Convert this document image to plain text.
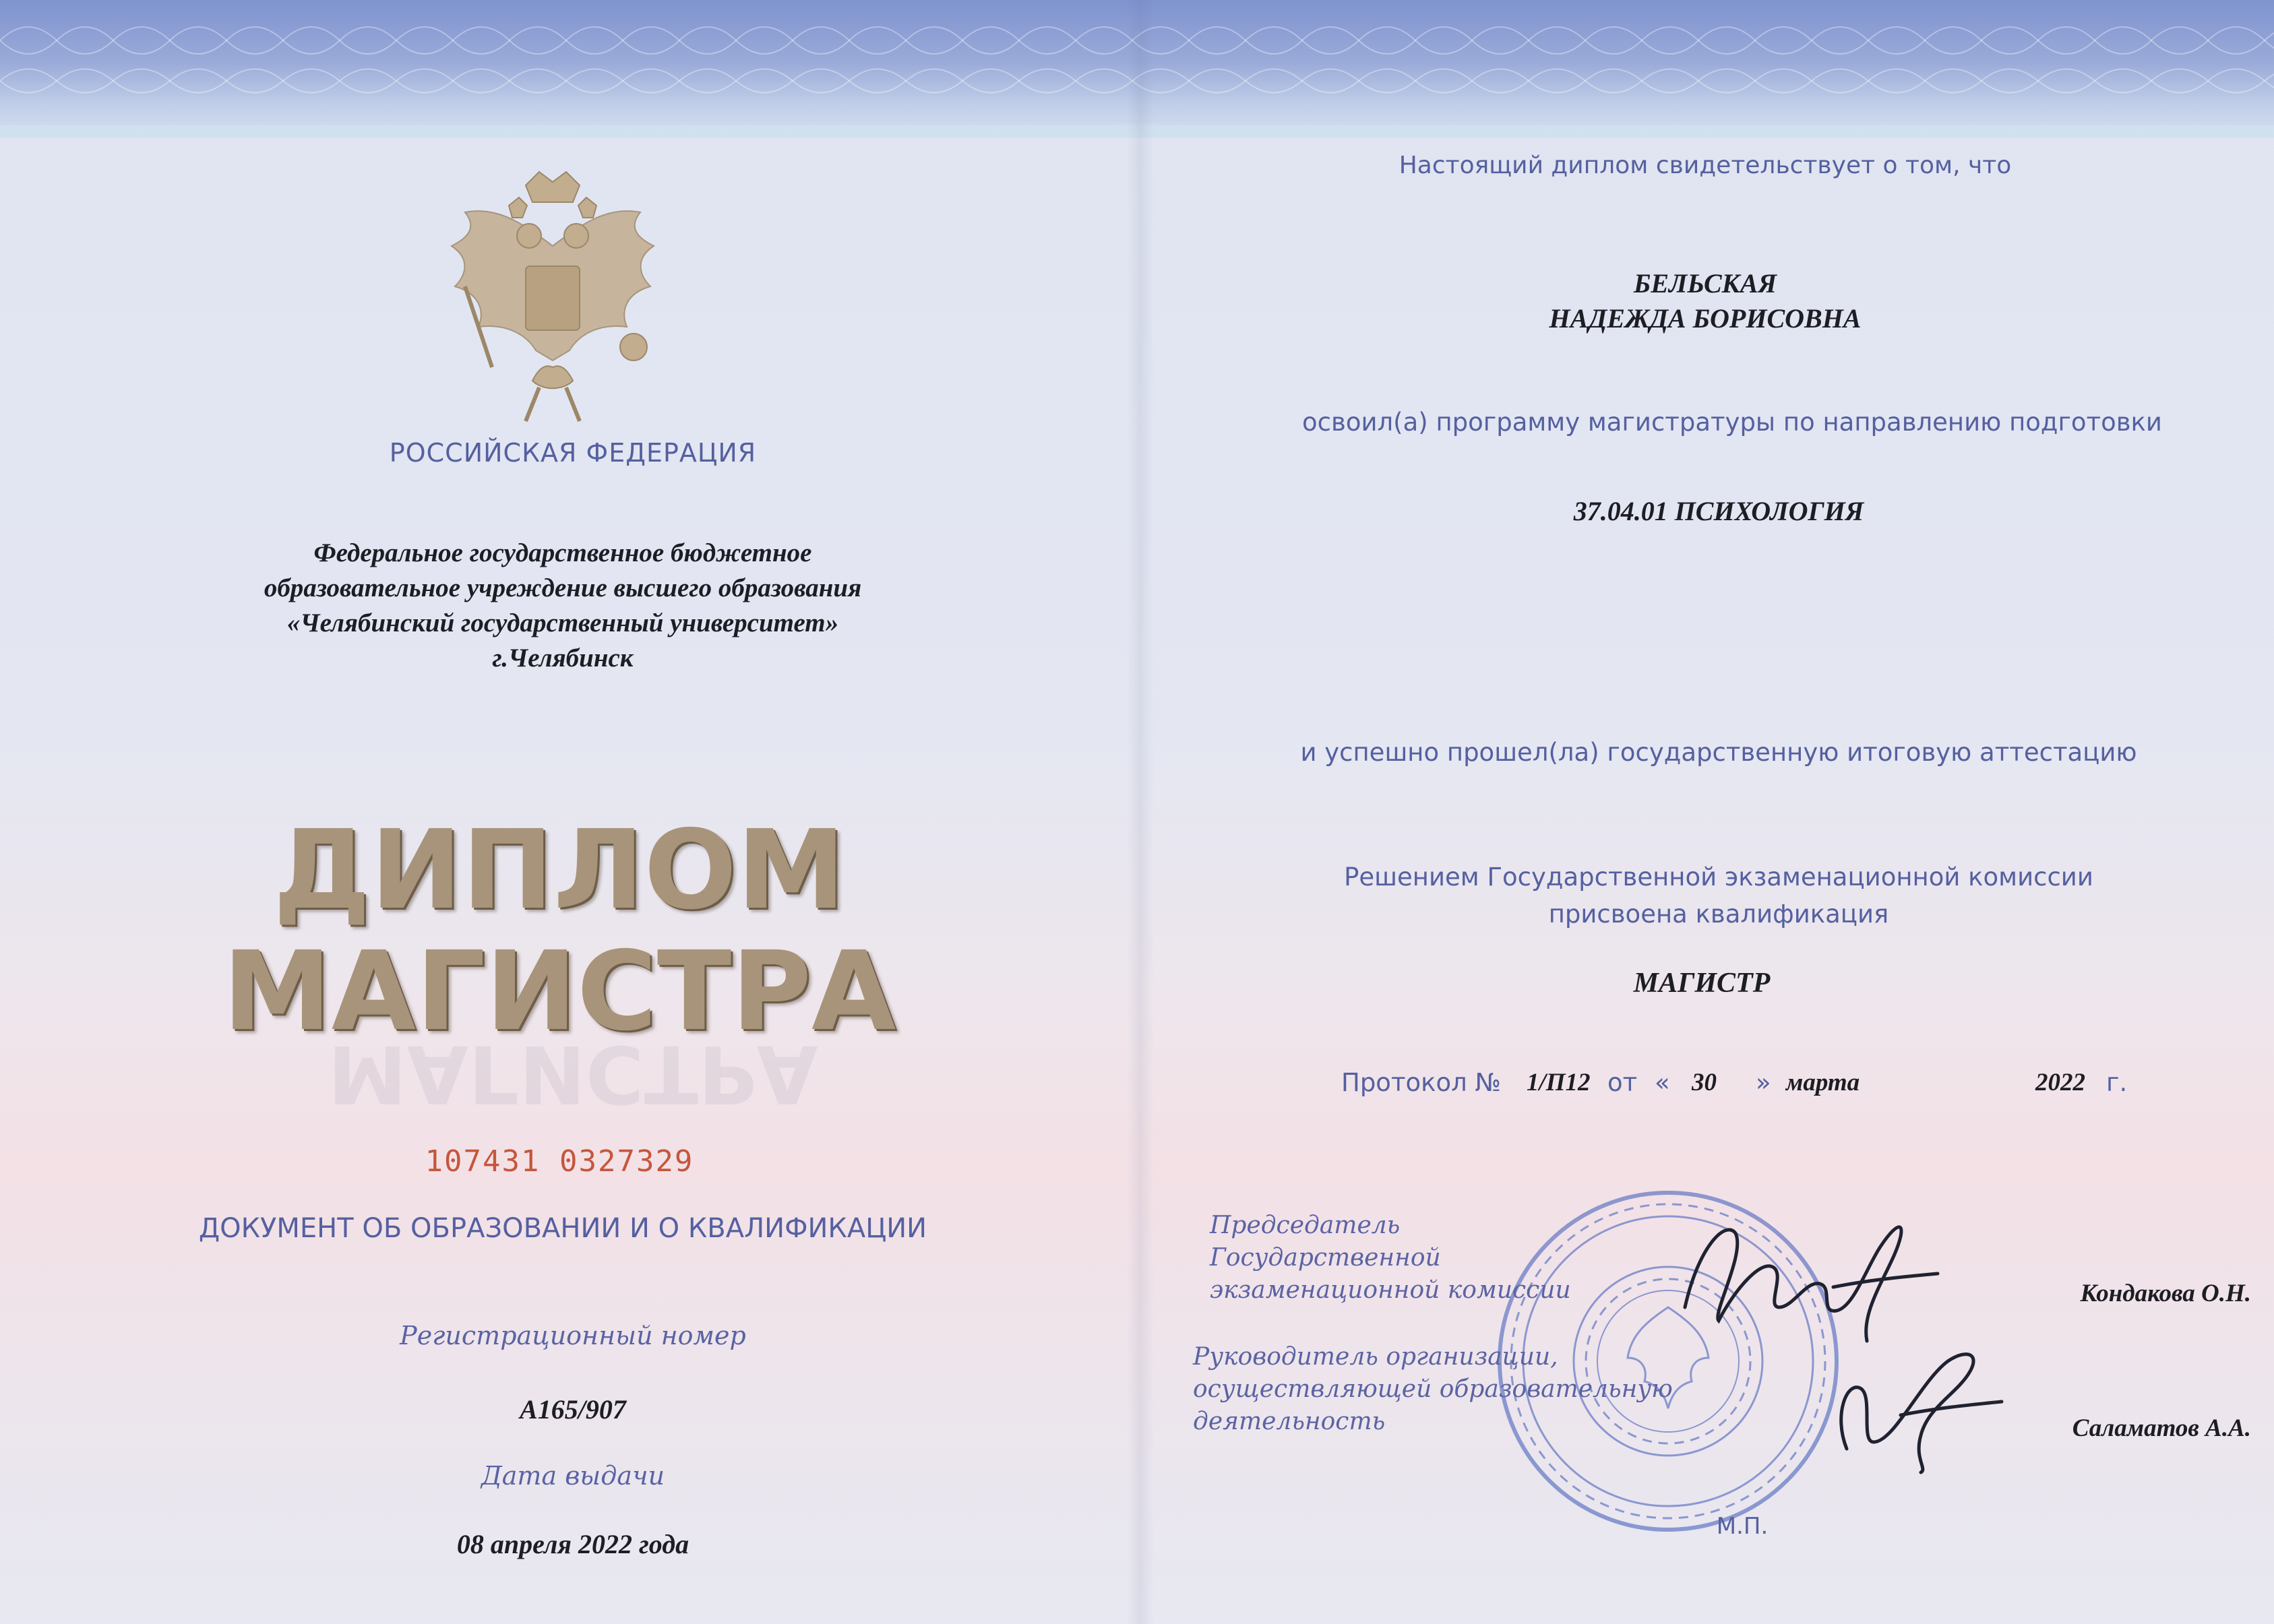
РОССИЙСКАЯ ФЕДЕРАЦИЯ

Федеральное государственное бюджетное
образовательное учреждение высшего образования
«Челябинский государственный университет»
г.Челябинск

ДИПЛОМ

МАГИСТРА

МАГИСТРА

107431 0327329

ДОКУМЕНТ ОБ ОБРАЗОВАНИИ И О КВАЛИФИКАЦИИ

Регистрационный номер

А165/907

Дата выдачи

08 апреля 2022 года

Настоящий диплом свидетельствует о том, что

БЕЛЬСКАЯ

НАДЕЖДА БОРИСОВНА

освоил(а) программу магистратуры по направлению подготовки

37.04.01 ПСИХОЛОГИЯ

и успешно прошел(ла) государственную итоговую аттестацию

Решением Государственной экзаменационной комиссии

присвоена квалификация

МАГИСТР

Протокол № 1/П12 от « 30 » марта	2022 г.
Председатель
Государственной
экзаменационной комиссии
Руководитель организации,
осуществляющей образовательную
деятельность

Кондакова О.Н.

Саламатов А.А.

М.П.
